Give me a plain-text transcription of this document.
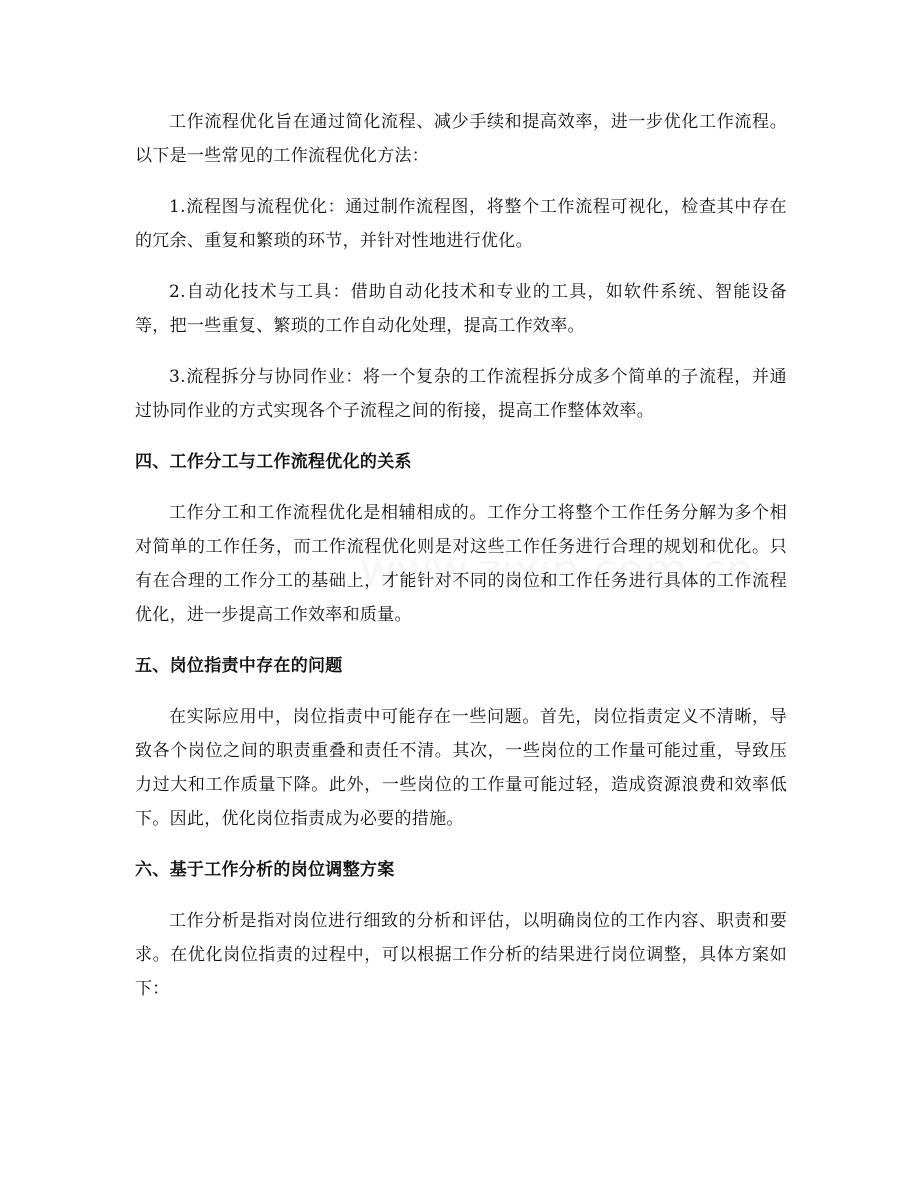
工作流程优化旨在通过简化流程、减少手续和提高效率，进一步优化工作流程。以下是一些常见的工作流程优化方法：

1.流程图与流程优化：通过制作流程图，将整个工作流程可视化，检查其中存在的冗余、重复和繁琐的环节，并针对性地进行优化。

2.自动化技术与工具：借助自动化技术和专业的工具，如软件系统、智能设备等，把一些重复、繁琐的工作自动化处理，提高工作效率。

3.流程拆分与协同作业：将一个复杂的工作流程拆分成多个简单的子流程，并通过协同作业的方式实现各个子流程之间的衔接，提高工作整体效率。

四、工作分工与工作流程优化的关系

工作分工和工作流程优化是相辅相成的。工作分工将整个工作任务分解为多个相对简单的工作任务，而工作流程优化则是对这些工作任务进行合理的规划和优化。只有在合理的工作分工的基础上，才能针对不同的岗位和工作任务进行具体的工作流程优化，进一步提高工作效率和质量。

五、岗位指责中存在的问题

在实际应用中，岗位指责中可能存在一些问题。首先，岗位指责定义不清晰，导致各个岗位之间的职责重叠和责任不清。其次，一些岗位的工作量可能过重，导致压力过大和工作质量下降。此外，一些岗位的工作量可能过轻，造成资源浪费和效率低下。因此，优化岗位指责成为必要的措施。

六、基于工作分析的岗位调整方案

工作分析是指对岗位进行细致的分析和评估，以明确岗位的工作内容、职责和要求。在优化岗位指责的过程中，可以根据工作分析的结果进行岗位调整，具体方案如下：
